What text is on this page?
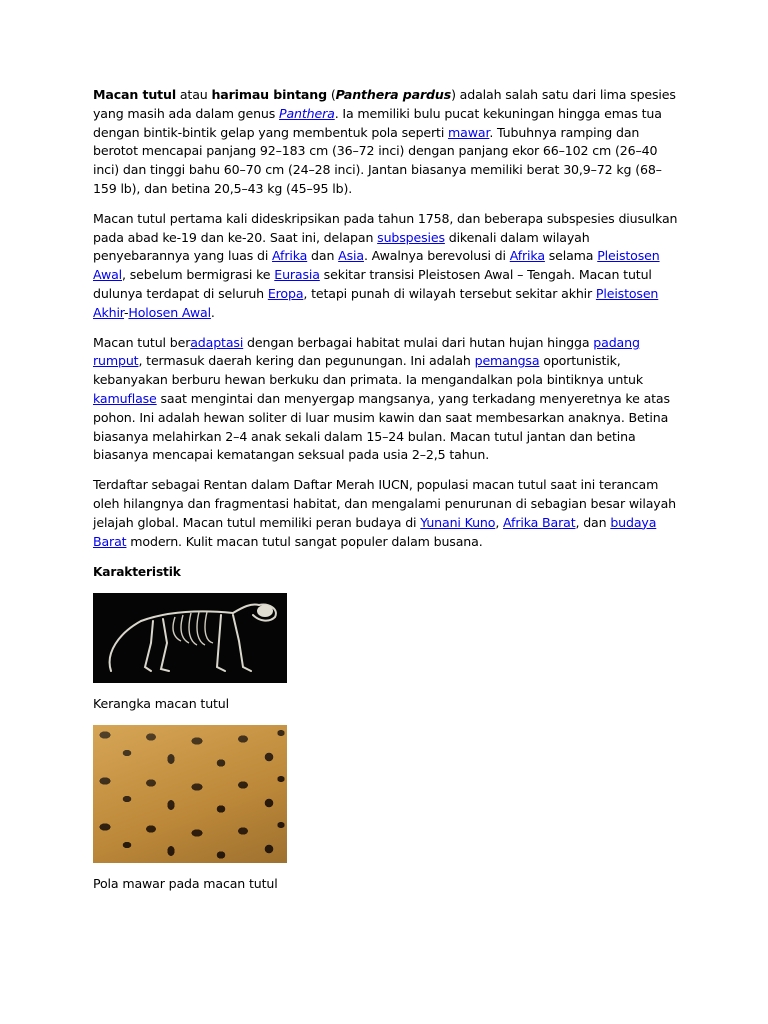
Macan tutul atau harimau bintang (Panthera pardus) adalah salah satu dari lima spesies yang masih ada dalam genus Panthera. Ia memiliki bulu pucat kekuningan hingga emas tua dengan bintik-bintik gelap yang membentuk pola seperti mawar. Tubuhnya ramping dan berotot mencapai panjang 92–183 cm (36–72 inci) dengan panjang ekor 66–102 cm (26–40 inci) dan tinggi bahu 60–70 cm (24–28 inci). Jantan biasanya memiliki berat 30,9–72 kg (68–159 lb), dan betina 20,5–43 kg (45–95 lb).

Macan tutul pertama kali dideskripsikan pada tahun 1758, dan beberapa subspesies diusulkan pada abad ke-19 dan ke-20. Saat ini, delapan subspesies dikenali dalam wilayah penyebarannya yang luas di Afrika dan Asia. Awalnya berevolusi di Afrika selama Pleistosen Awal, sebelum bermigrasi ke Eurasia sekitar transisi Pleistosen Awal – Tengah. Macan tutul dulunya terdapat di seluruh Eropa, tetapi punah di wilayah tersebut sekitar akhir Pleistosen Akhir-Holosen Awal.

Macan tutul beradaptasi dengan berbagai habitat mulai dari hutan hujan hingga padang rumput, termasuk daerah kering dan pegunungan. Ini adalah pemangsa oportunistik, kebanyakan berburu hewan berkuku dan primata. Ia mengandalkan pola bintiknya untuk kamuflase saat mengintai dan menyergap mangsanya, yang terkadang menyeretnya ke atas pohon. Ini adalah hewan soliter di luar musim kawin dan saat membesarkan anaknya. Betina biasanya melahirkan 2–4 anak sekali dalam 15–24 bulan. Macan tutul jantan dan betina biasanya mencapai kematangan seksual pada usia 2–2,5 tahun.

Terdaftar sebagai Rentan dalam Daftar Merah IUCN, populasi macan tutul saat ini terancam oleh hilangnya dan fragmentasi habitat, dan mengalami penurunan di sebagian besar wilayah jelajah global. Macan tutul memiliki peran budaya di Yunani Kuno, Afrika Barat, dan budaya Barat modern. Kulit macan tutul sangat populer dalam busana.

Karakteristik

Kerangka macan tutul

Pola mawar pada macan tutul
